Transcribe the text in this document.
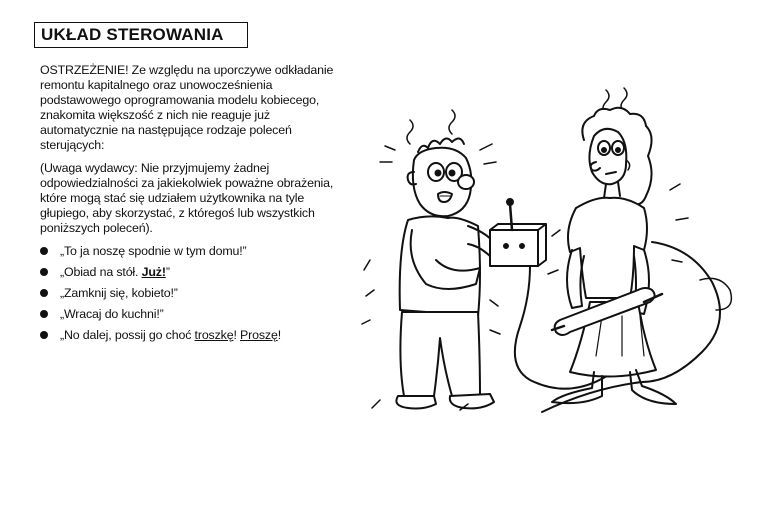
UKŁAD STEROWANIA

OSTRZEŻENIE! Ze względu na uporczywe odkładanie remontu kapitalnego oraz unowocześnienia podstawowego oprogramowania modelu kobiecego, znakomita większość z nich nie reaguje już automatycznie na następujące rodzaje poleceń sterujących:

(Uwaga wydawcy: Nie przyjmujemy żadnej odpowiedzialności za jakiekolwiek poważne obrażenia, które mogą stać się udziałem użytkownika na tyle głupiego, aby skorzystać, z któregoś lub wszystkich poniższych poleceń).

„To ja noszę spodnie w tym domu!”
„Obiad na stół. Już!”
„Zamknij się, kobieto!”
„Wracaj do kuchni!”
„No dalej, possij go choć troszkę! Proszę!
